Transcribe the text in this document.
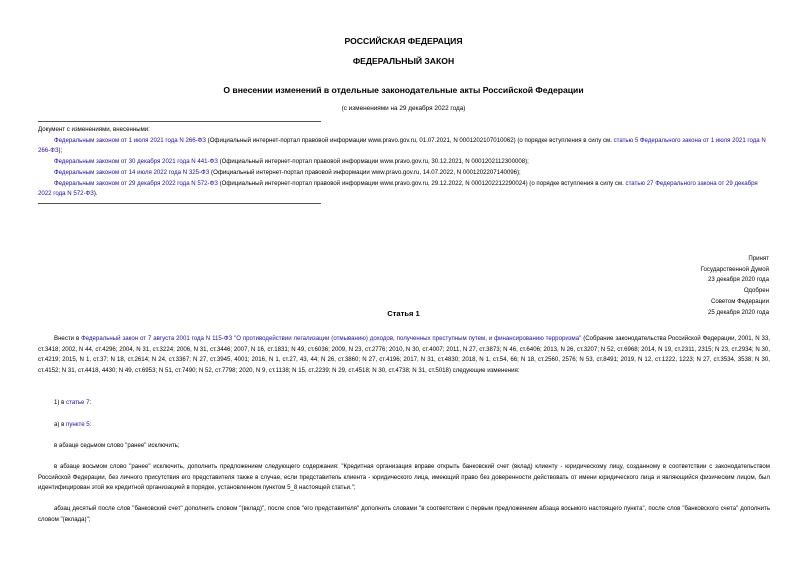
РОССИЙСКАЯ ФЕДЕРАЦИЯ
ФЕДЕРАЛЬНЫЙ ЗАКОН
О внесении изменений в отдельные законодательные акты Российской Федерации
(с изменениями на 29 декабря 2022 года)

Документ с изменениями, внесенными:

Федеральным законом от 1 июля 2021 года N 266-ФЗ (Официальный интернет-портал правовой информации www.pravo.gov.ru, 01.07.2021, N 0001202107010062) (о порядке вступления в силу см. статью 5 Федерального закона от 1 июля 2021 года N 266-ФЗ);

Федеральным законом от 30 декабря 2021 года N 441-ФЗ (Официальный интернет-портал правовой информации www.pravo.gov.ru, 30.12.2021, N 0001202112300008);

Федеральным законом от 14 июля 2022 года N 325-ФЗ (Официальный интернет-портал правовой информации www.pravo.gov.ru, 14.07.2022, N 0001202207140096);

Федеральным законом от 29 декабря 2022 года N 572-ФЗ (Официальный интернет-портал правовой информации www.pravo.gov.ru, 29.12.2022, N 0001202212290024) (о порядке вступления в силу см. статью 27 Федерального закона от 29 декабря 2022 года N 572-ФЗ).

Принят
Государственной Думой
23 декабря 2020 года
Одобрен
Советом Федерации
25 декабря 2020 года
Статья 1

Внести в Федеральный закон от 7 августа 2001 года N 115-ФЗ "О противодействии легализации (отмыванию) доходов, полученных преступным путем, и финансированию терроризма" (Собрание законодательства Российской Федерации, 2001, N 33, ст.3418; 2002, N 44, ст.4296; 2004, N 31, ст.3224; 2006, N 31, ст.3446; 2007, N 16, ст.1831; N 49, ст.6036; 2009, N 23, ст.2776; 2010, N 30, ст.4007; 2011, N 27, ст.3873; N 46, ст.6406; 2013, N 26, ст.3207; N 52, ст.6968; 2014, N 19, ст.2311, 2315; N 23, ст.2934; N 30, ст.4219; 2015, N 1, ст.37; N 18, ст.2614; N 24, ст.3367; N 27, ст.3945, 4001; 2016, N 1, ст.27, 43, 44; N 26, ст.3860; N 27, ст.4196; 2017, N 31, ст.4830; 2018, N 1, ст.54, 66; N 18, ст.2560, 2576; N 53, ст.8491; 2019, N 12, ст.1222, 1223; N 27, ст.3534, 3538; N 30, ст.4152; N 31, ст.4418, 4430; N 49, ст.6953; N 51, ст.7490; N 52, ст.7798; 2020, N 9, ст.1138; N 15, ст.2239; N 29, ст.4518; N 30, ст.4738; N 31, ст.5018) следующие изменения:

1) в статье 7:

а) в пункте 5:

в абзаце седьмом слово "ранее" исключить;

в абзаце восьмом слово "ранее" исключить, дополнить предложением следующего содержания: "Кредитная организация вправе открыть банковский счет (вклад) клиенту - юридическому лицу, созданному в соответствии с законодательством Российской Федерации, без личного присутствия его представителя также в случае, если представитель клиента - юридического лица, имеющий право без доверенности действовать от имени юридического лица и являющийся физическим лицом, был идентифицирован этой же кредитной организацией в порядке, установленном пунктом 5_8 настоящей статьи.";

абзац десятый после слов "банковский счет" дополнить словом "(вклад)", после слов "его представителя" дополнить словами "в соответствии с первым предложением абзаца восьмого настоящего пункта", после слов "банковского счета" дополнить словом "(вклада)";
